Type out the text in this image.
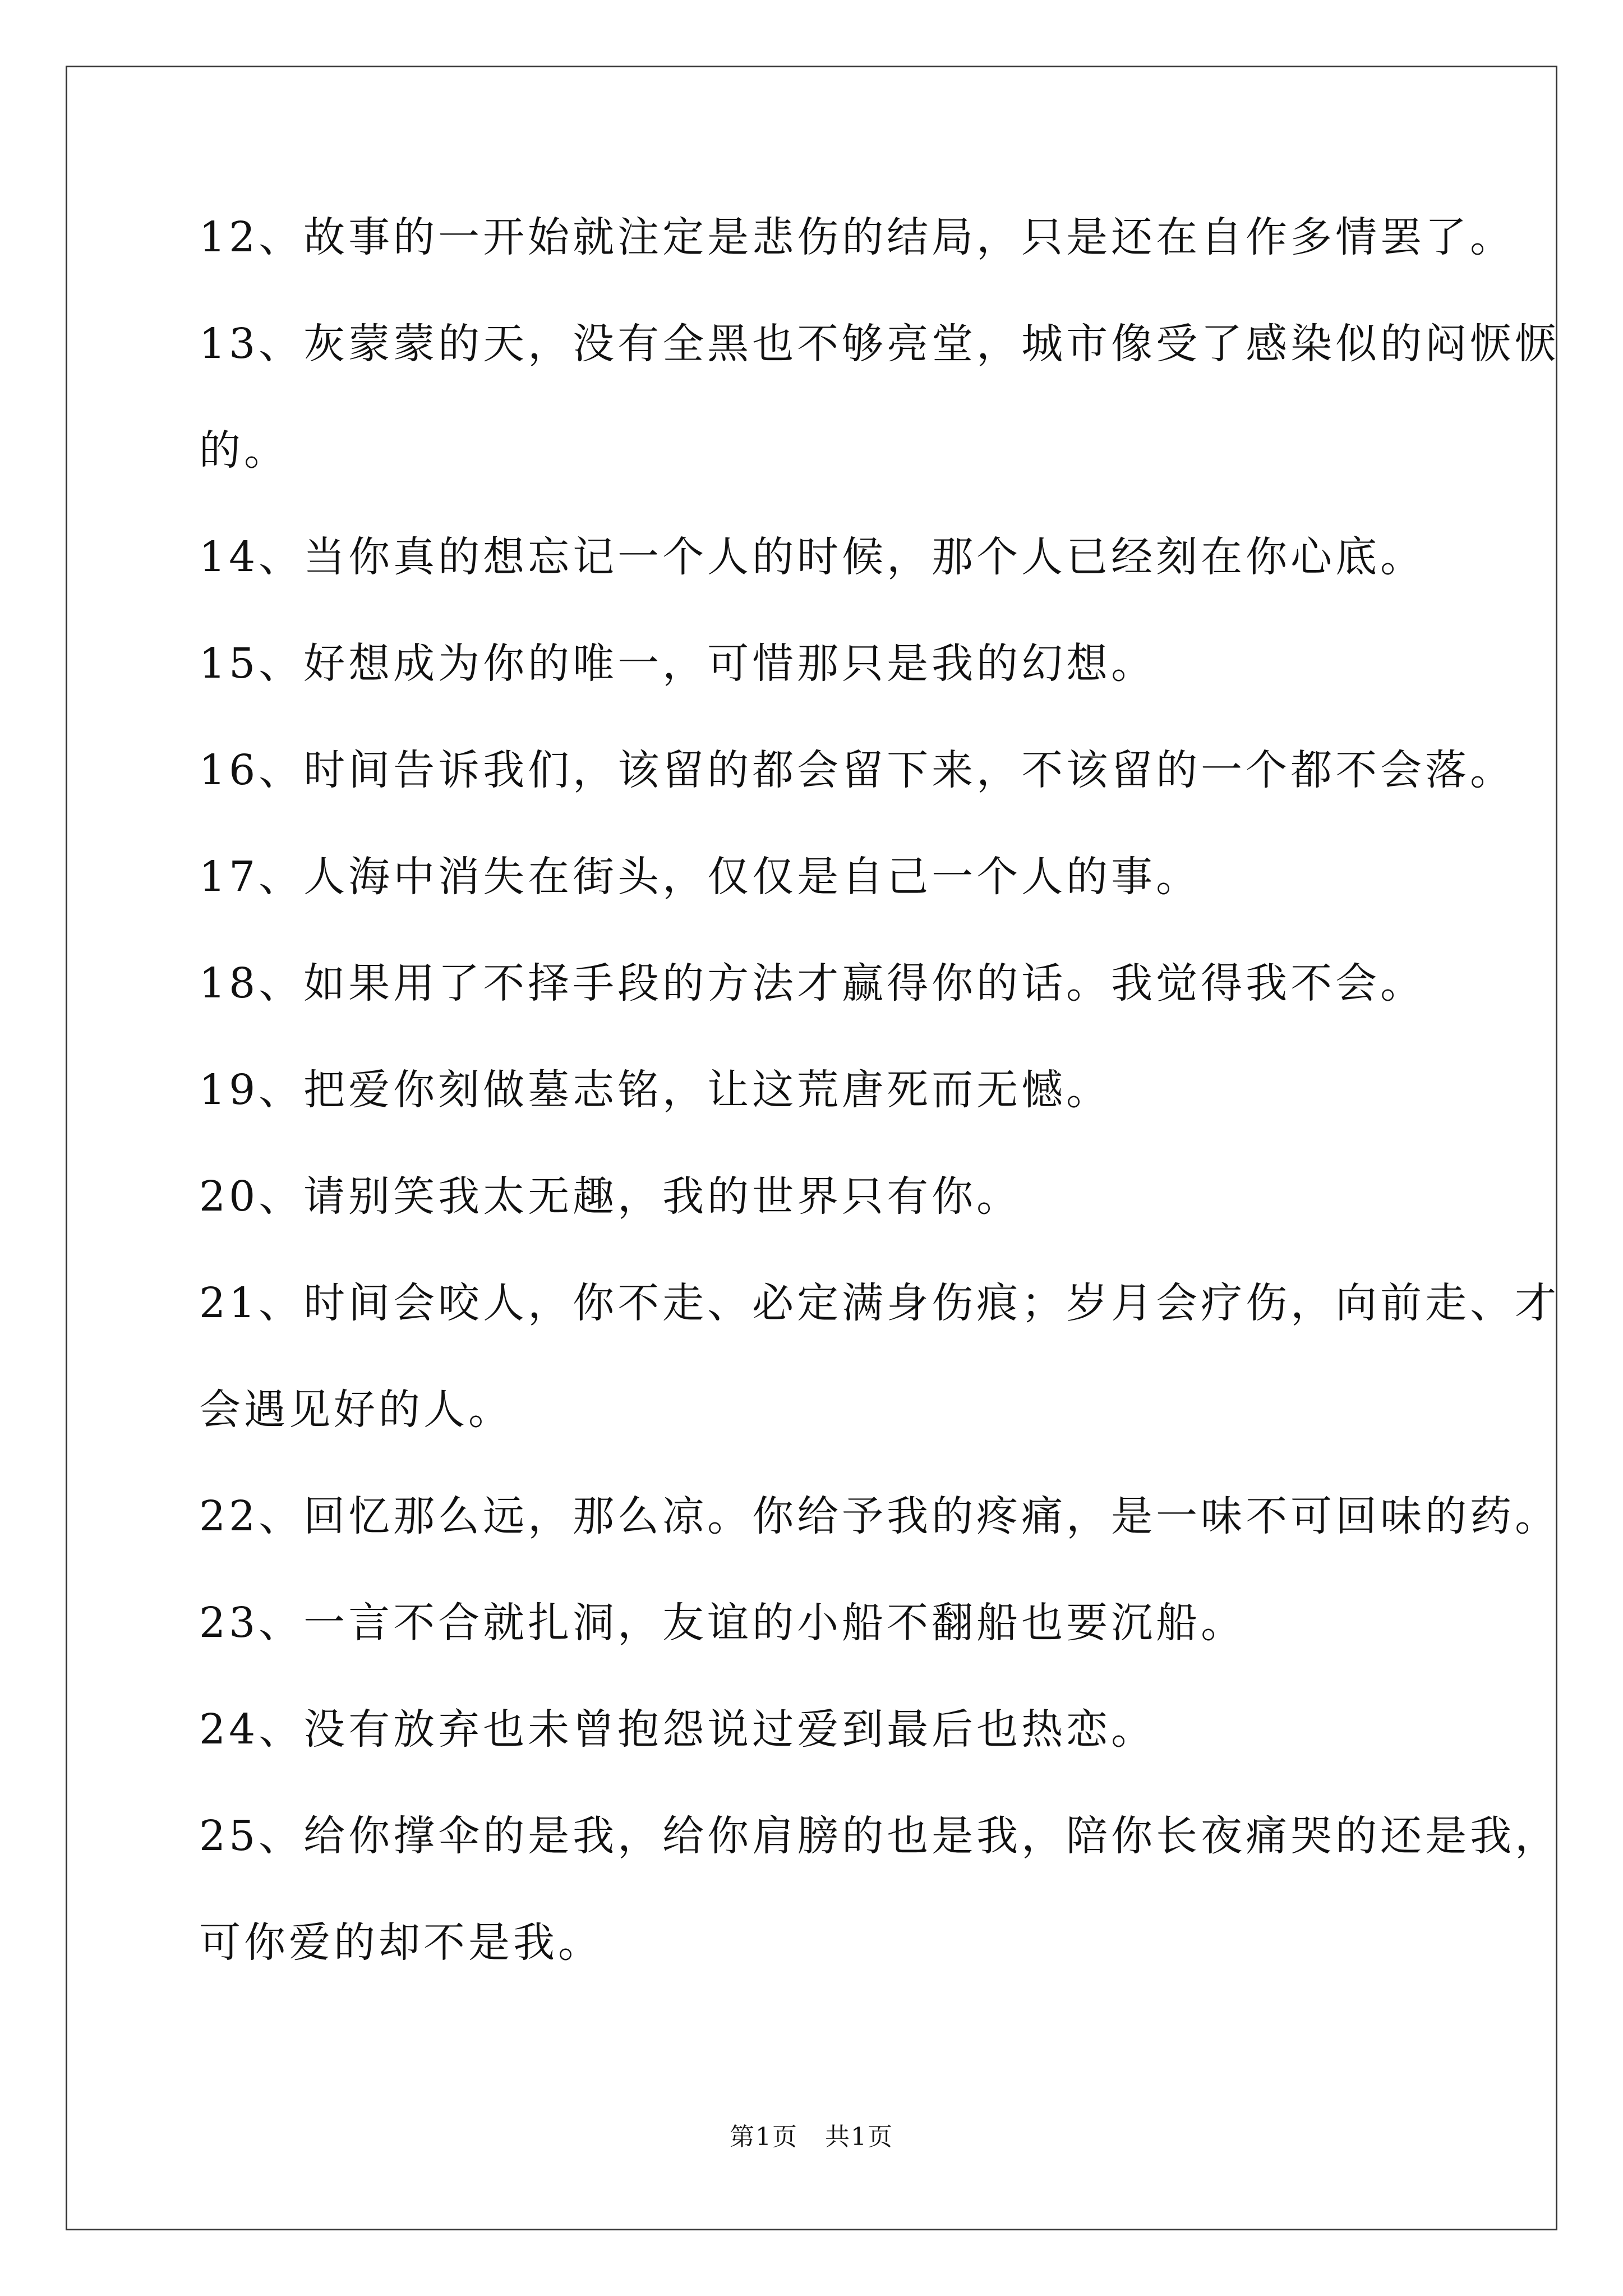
12、故事的一开始就注定是悲伤的结局，只是还在自作多情罢了。
13、灰蒙蒙的天，没有全黑也不够亮堂，城市像受了感染似的闷恹恹
的。
14、当你真的想忘记一个人的时候，那个人已经刻在你心底。
15、好想成为你的唯一，可惜那只是我的幻想。
16、时间告诉我们，该留的都会留下来，不该留的一个都不会落。
17、人海中消失在街头，仅仅是自己一个人的事。
18、如果用了不择手段的方法才赢得你的话。我觉得我不会。
19、把爱你刻做墓志铭，让这荒唐死而无憾。
20、请别笑我太无趣，我的世界只有你。
21、时间会咬人，你不走、必定满身伤痕；岁月会疗伤，向前走、才
会遇见好的人。
22、回忆那么远，那么凉。你给予我的疼痛，是一味不可回味的药。
23、一言不合就扎洞，友谊的小船不翻船也要沉船。
24、没有放弃也未曾抱怨说过爱到最后也热恋。
25、给你撑伞的是我，给你肩膀的也是我，陪你长夜痛哭的还是我，
可你爱的却不是我。
第1页 共1页
